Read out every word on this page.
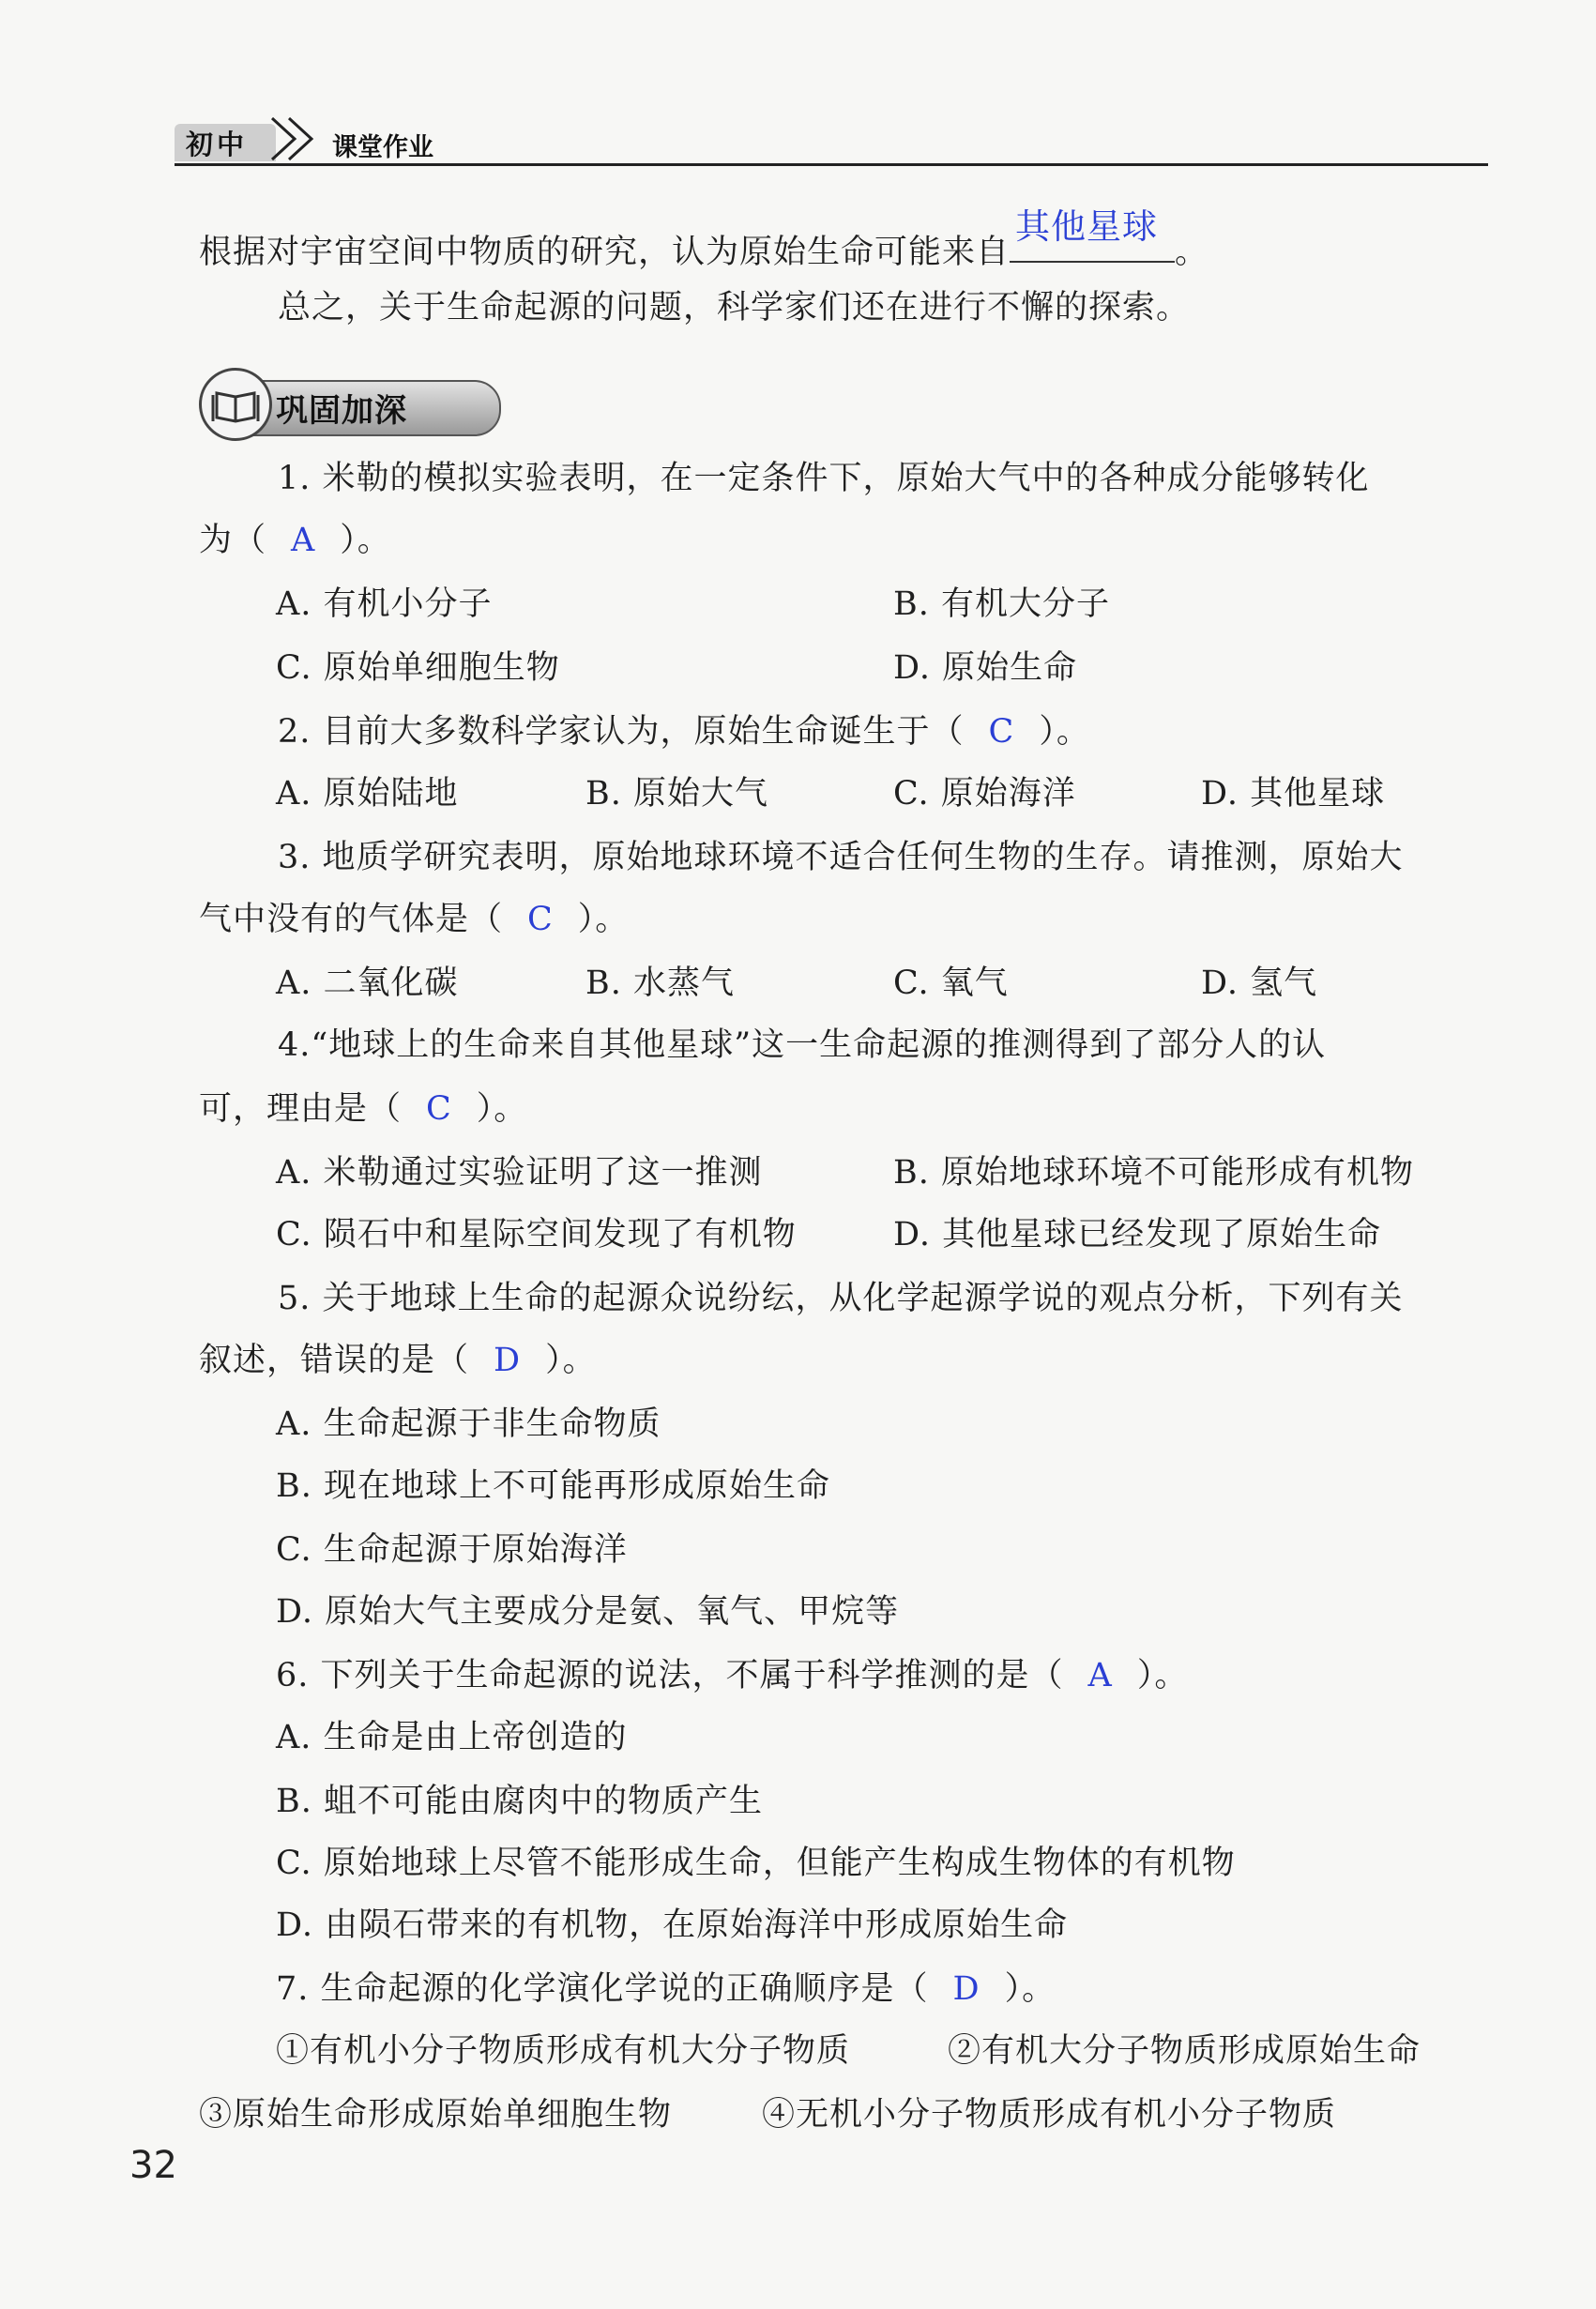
初中	课堂作业
根据对宇宙空间中物质的研究，认为原始生命可能来自
其他星球
。
总之，关于生命起源的问题，科学家们还在进行不懈的探索。
巩固加深
1. 米勒的模拟实验表明，在一定条件下，原始大气中的各种成分能够转化
为（ A ）。
A. 有机小分子	B. 有机大分子
C. 原始单细胞生物	D. 原始生命
2. 目前大多数科学家认为，原始生命诞生于（ C ）。
A. 原始陆地	B. 原始大气	C. 原始海洋	D. 其他星球
3. 地质学研究表明，原始地球环境不适合任何生物的生存。请推测，原始大
气中没有的气体是（ C ）。
A. 二氧化碳	B. 水蒸气	C. 氧气	D. 氢气
4.“地球上的生命来自其他星球”这一生命起源的推测得到了部分人的认
可，理由是（ C ）。
A. 米勒通过实验证明了这一推测	B. 原始地球环境不可能形成有机物
C. 陨石中和星际空间发现了有机物	D. 其他星球已经发现了原始生命
5. 关于地球上生命的起源众说纷纭，从化学起源学说的观点分析，下列有关
叙述，错误的是（ D ）。
A. 生命起源于非生命物质
B. 现在地球上不可能再形成原始生命
C. 生命起源于原始海洋
D. 原始大气主要成分是氨、氧气、甲烷等
6. 下列关于生命起源的说法，不属于科学推测的是（ A ）。
A. 生命是由上帝创造的
B. 蛆不可能由腐肉中的物质产生
C. 原始地球上尽管不能形成生命，但能产生构成生物体的有机物
D. 由陨石带来的有机物，在原始海洋中形成原始生命
7. 生命起源的化学演化学说的正确顺序是（ D ）。
①有机小分子物质形成有机大分子物质	②有机大分子物质形成原始生命
③原始生命形成原始单细胞生物	④无机小分子物质形成有机小分子物质
32
